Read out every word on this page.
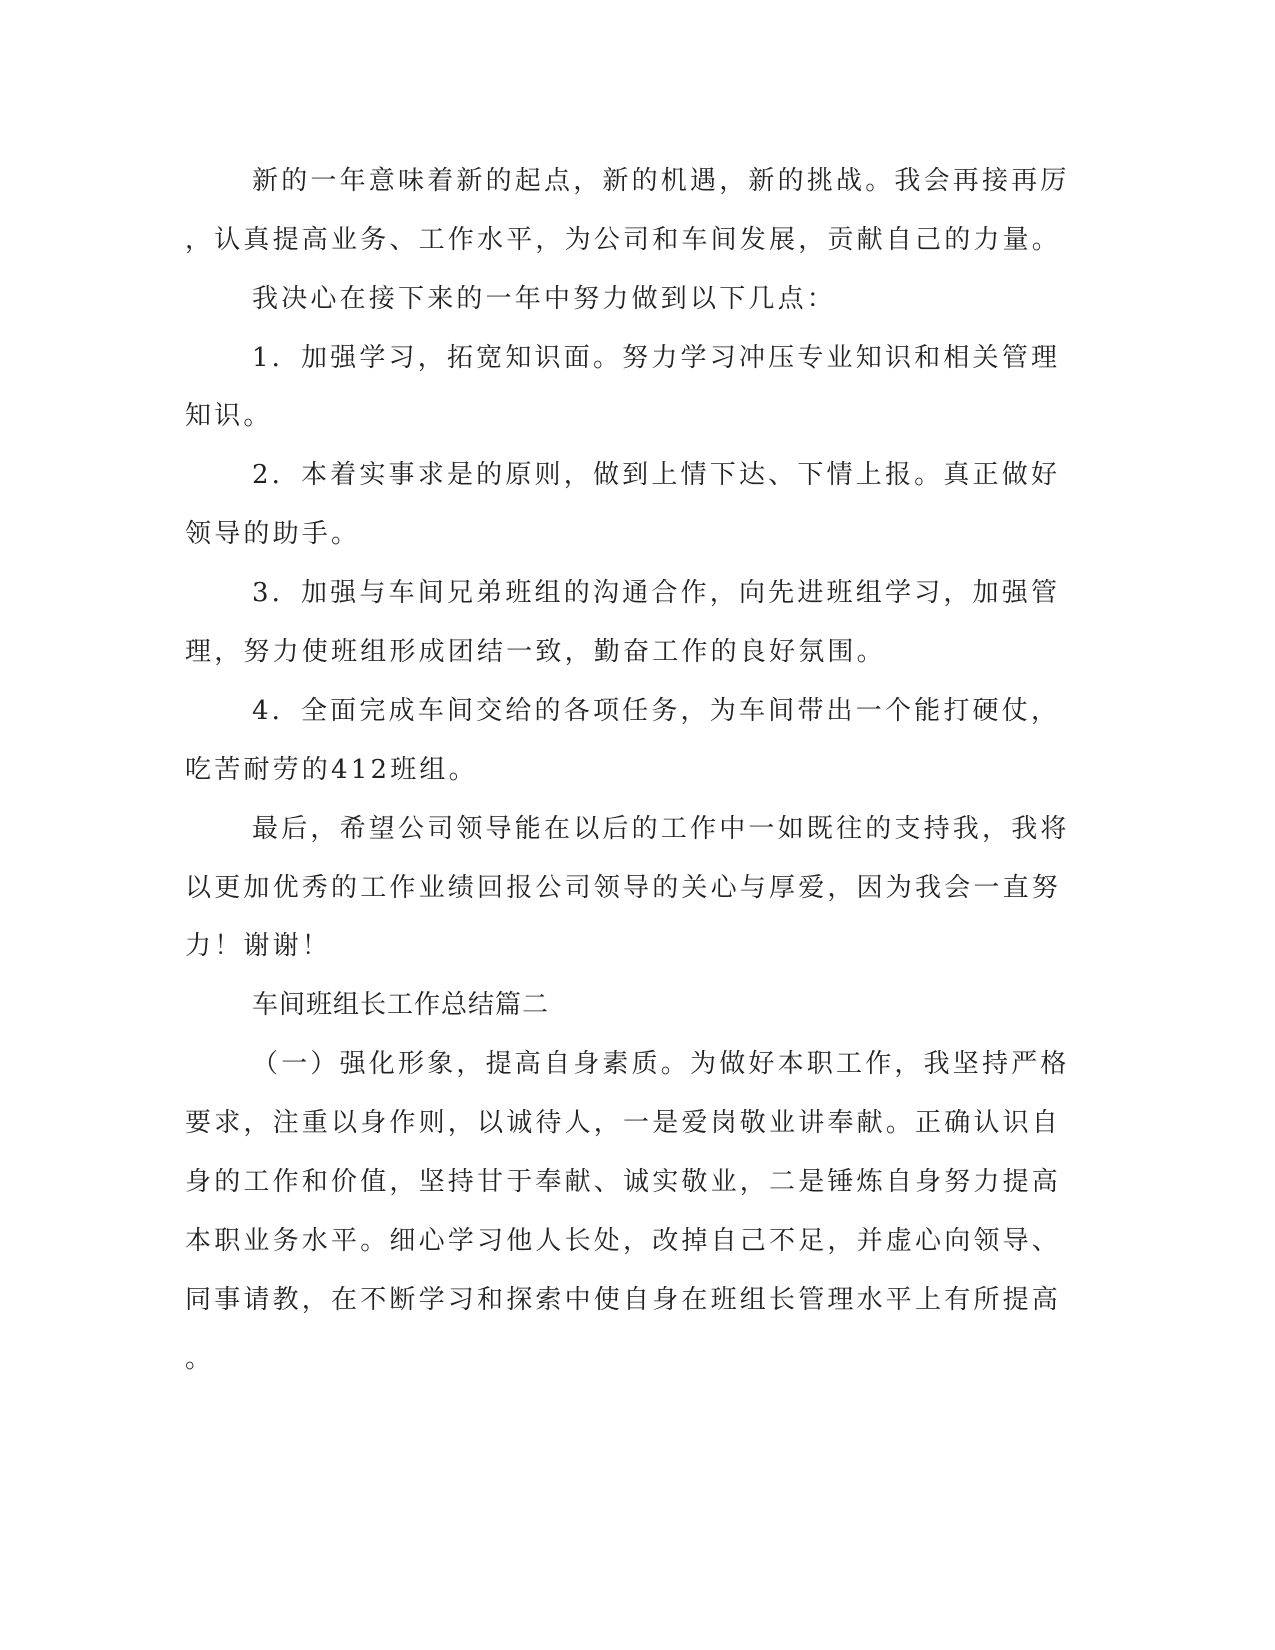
新的一年意味着新的起点，新的机遇，新的挑战。我会再接再厉
，认真提高业务、工作水平，为公司和车间发展，贡献自己的力量。
我决心在接下来的一年中努力做到以下几点：
1．加强学习，拓宽知识面。努力学习冲压专业知识和相关管理
知识。
2．本着实事求是的原则，做到上情下达、下情上报。真正做好
领导的助手。
3．加强与车间兄弟班组的沟通合作，向先进班组学习，加强管
理，努力使班组形成团结一致，勤奋工作的良好氛围。
4．全面完成车间交给的各项任务，为车间带出一个能打硬仗，
吃苦耐劳的412班组。
最后，希望公司领导能在以后的工作中一如既往的支持我，我将
以更加优秀的工作业绩回报公司领导的关心与厚爱，因为我会一直努
力！谢谢！
车间班组长工作总结篇二
（一）强化形象，提高自身素质。为做好本职工作，我坚持严格
要求，注重以身作则，以诚待人，一是爱岗敬业讲奉献。正确认识自
身的工作和价值，坚持甘于奉献、诚实敬业，二是锤炼自身努力提高
本职业务水平。细心学习他人长处，改掉自己不足，并虚心向领导、
同事请教，在不断学习和探索中使自身在班组长管理水平上有所提高
。
